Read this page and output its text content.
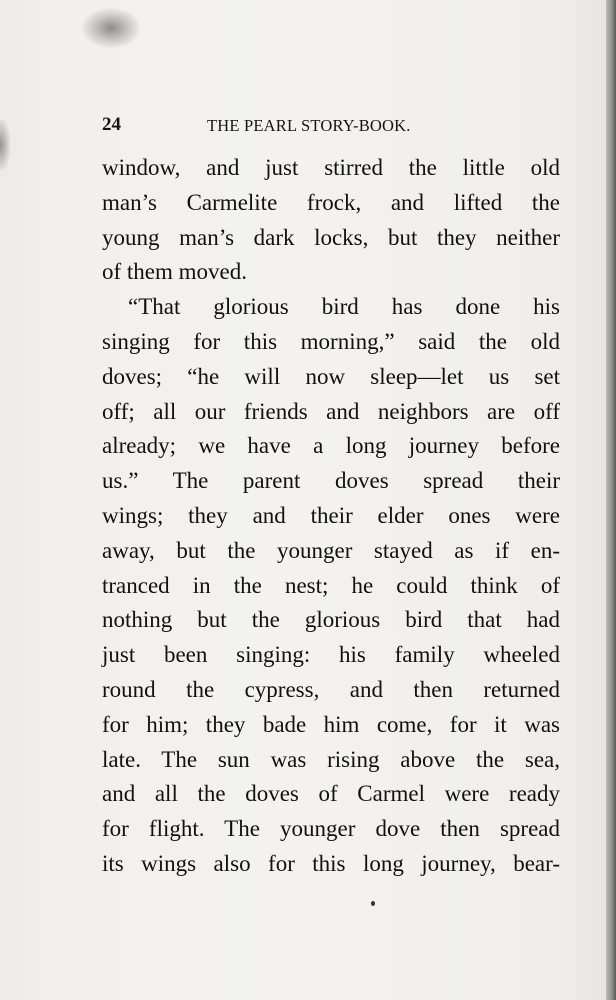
24	THE PEARL STORY-BOOK.
window, and just stirred the little old
man’s Carmelite frock, and lifted the
young man’s dark locks, but they neither
of them moved.
“That glorious bird has done his
singing for this morning,” said the old
doves; “he will now sleep—let us set
off; all our friends and neighbors are off
already; we have a long journey before
us.” The parent doves spread their
wings; they and their elder ones were
away, but the younger stayed as if en-
tranced in the nest; he could think of
nothing but the glorious bird that had
just been singing: his family wheeled
round the cypress, and then returned
for him; they bade him come, for it was
late. The sun was rising above the sea,
and all the doves of Carmel were ready
for flight. The younger dove then spread
its wings also for this long journey, bear-
